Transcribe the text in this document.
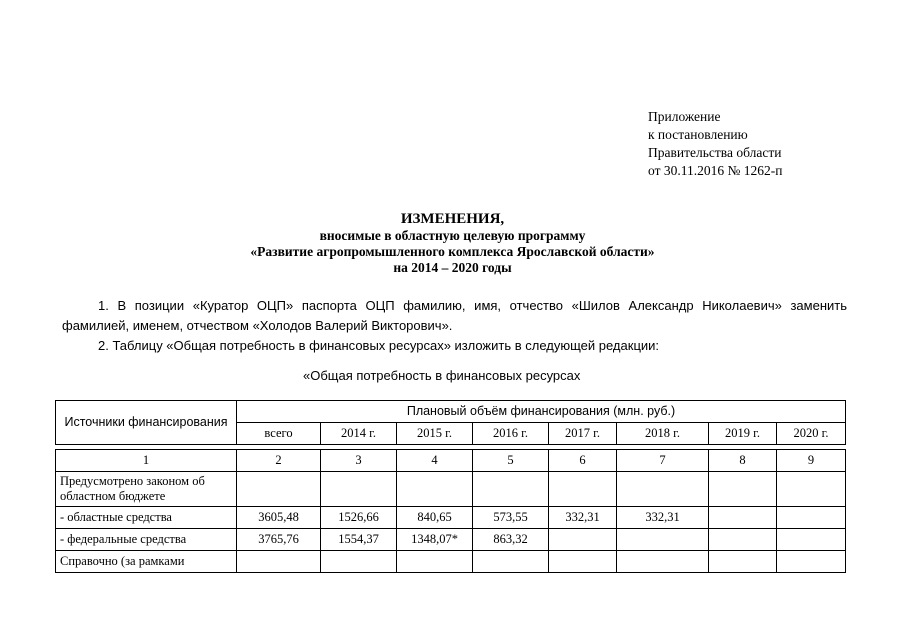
Приложение
к постановлению
Правительства области
от 30.11.2016 № 1262-п
ИЗМЕНЕНИЯ,
вносимые в областную целевую программу
«Развитие агропромышленного комплекса Ярославской области»
на 2014 – 2020 годы

1. В позиции «Куратор ОЦП» паспорта ОЦП фамилию, имя, отчество «Шилов Александр Николаевич» заменить фамилией, именем, отчеством «Холодов Валерий Викторович».

2. Таблицу «Общая потребность в финансовых ресурсах» изложить в следующей редакции:

«Общая потребность в финансовых ресурсах
Источники финансирования	Плановый объём финансирования (млн. руб.)							
	всего	2014 г.	2015 г.	2016 г.	2017 г.	2018 г.	2019 г.	2020 г.

1	2	3	4	5	6	7	8	9
Предусмотрено законом об областном бюджете								
- областные средства	3605,48	1526,66	840,65	573,55	332,31	332,31		
- федеральные средства	3765,76	1554,37	1348,07*	863,32				
Справочно (за рамками								
